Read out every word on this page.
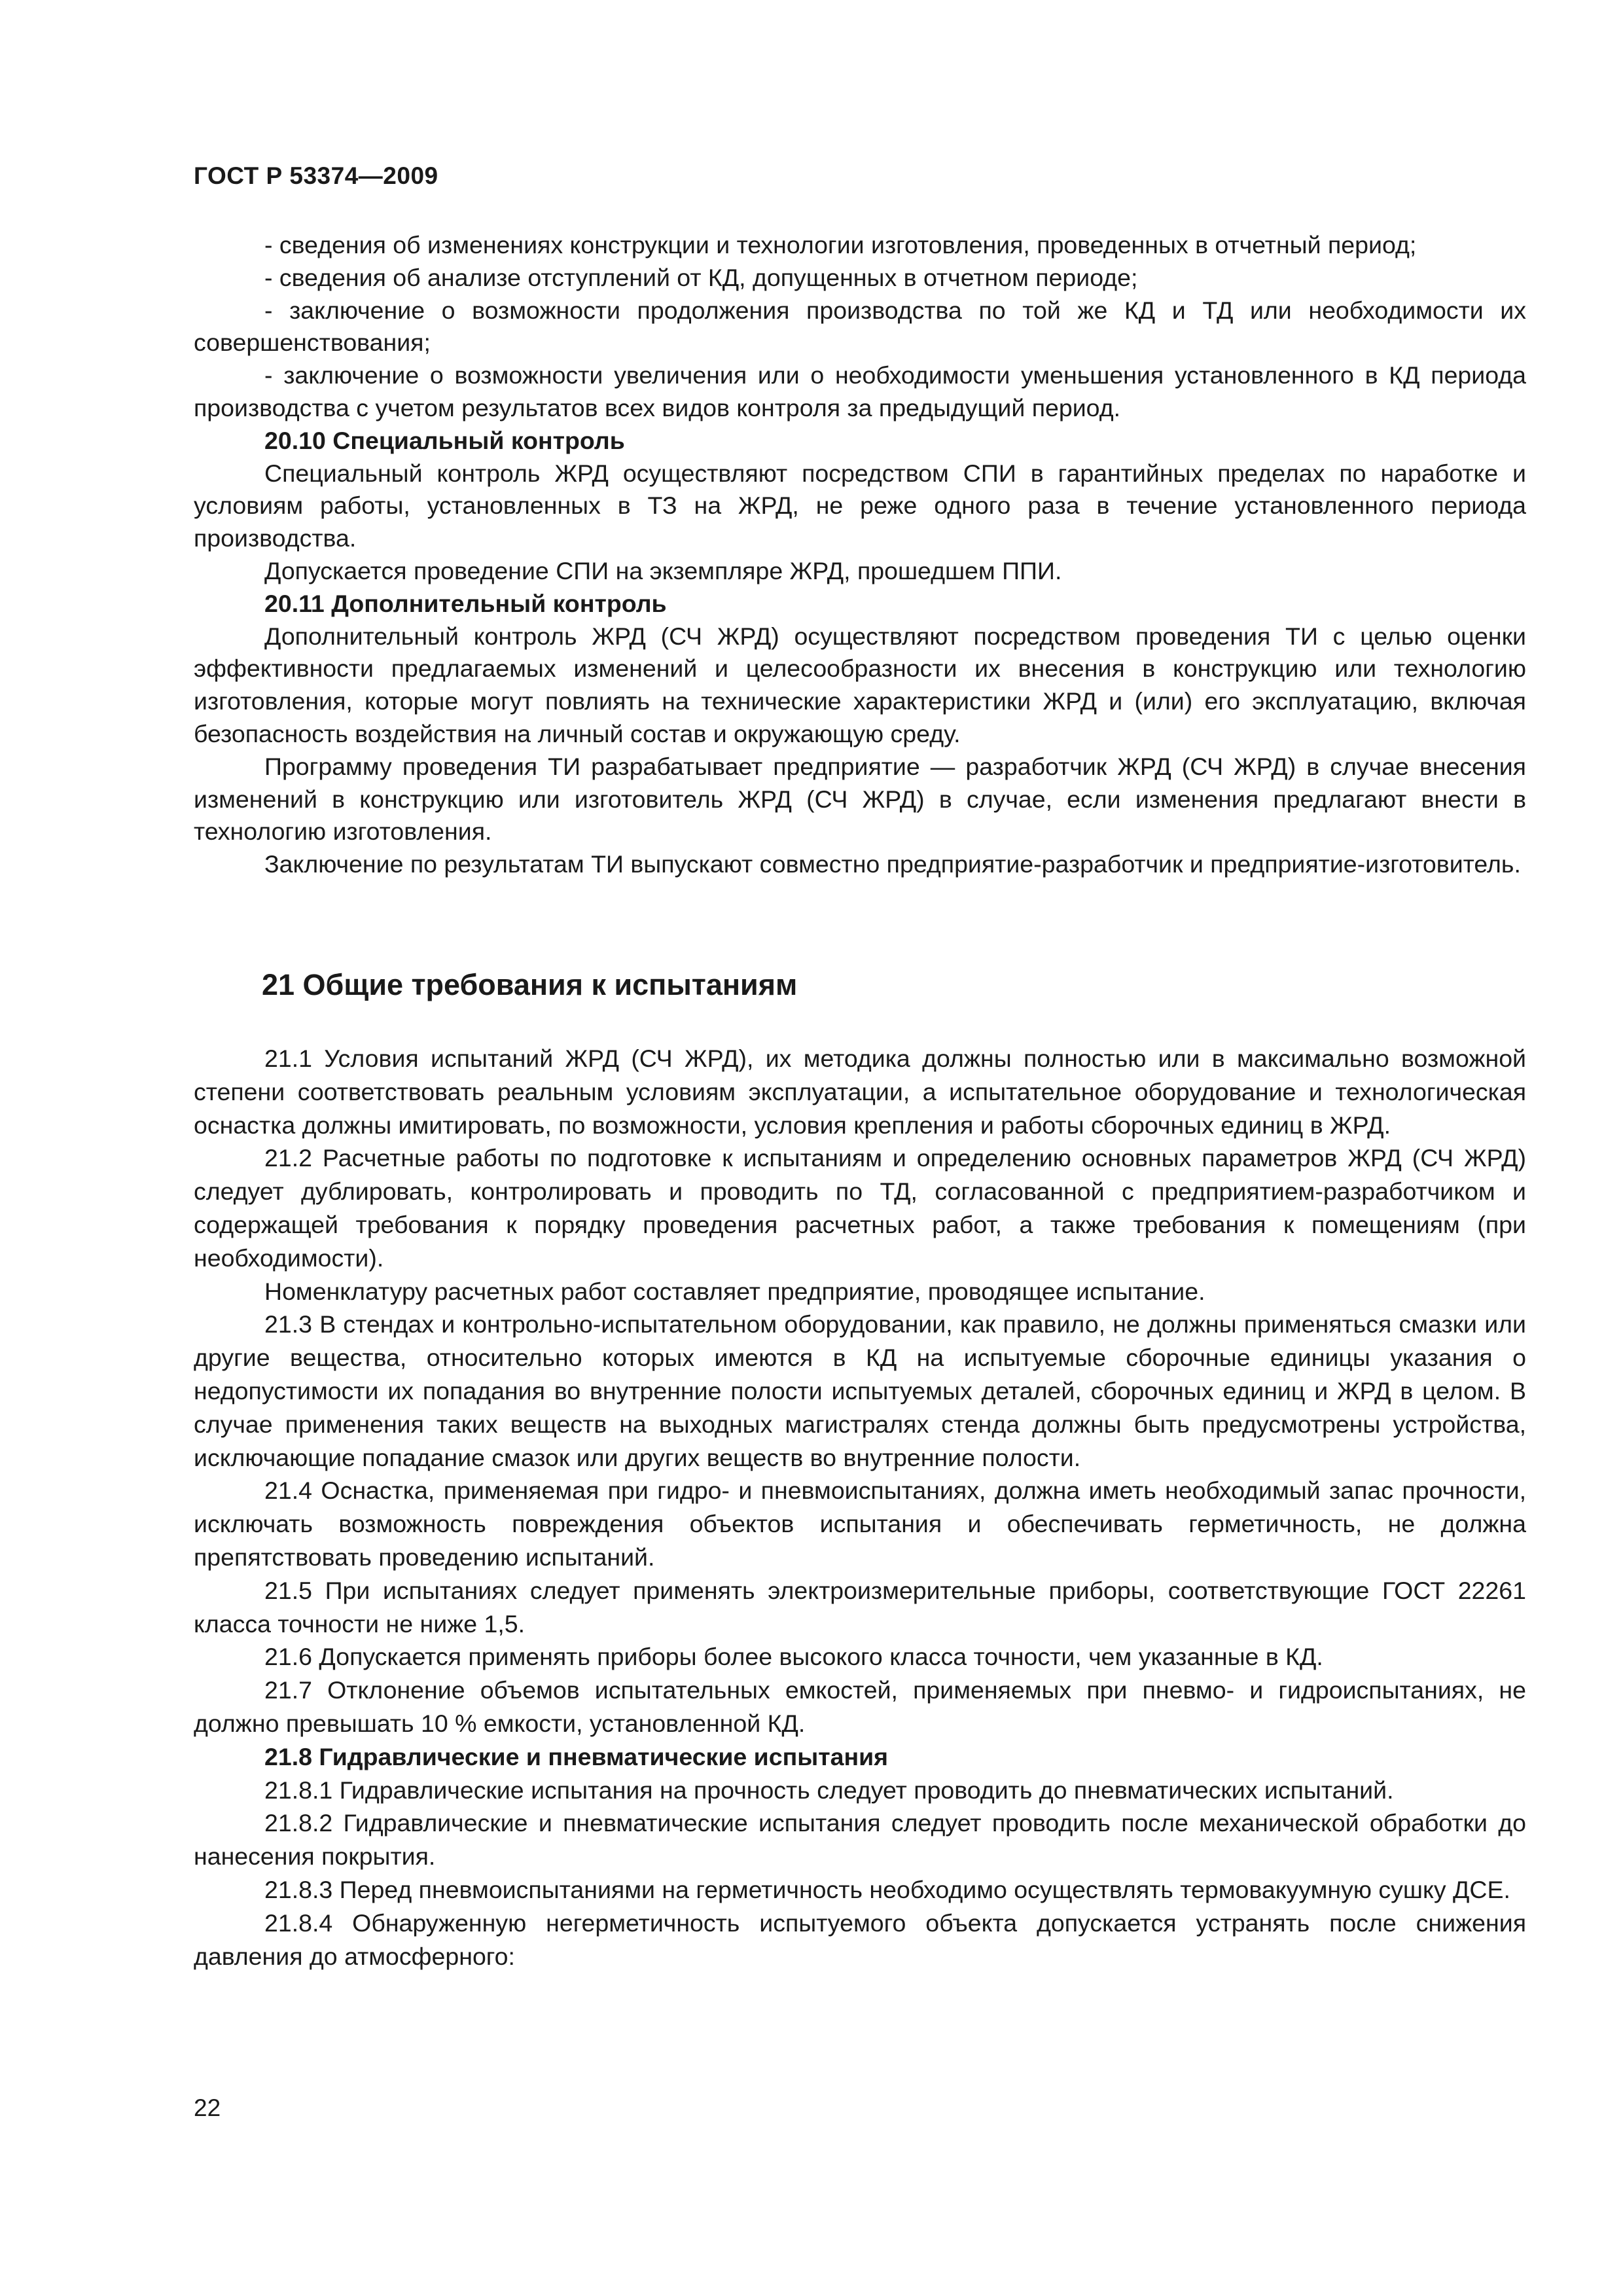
ГОСТ Р 53374—2009

- сведения об изменениях конструкции и технологии изготовления, проведенных в отчетный период;

- сведения об анализе отступлений от КД, допущенных в отчетном периоде;

- заключение о возможности продолжения производства по той же КД и ТД или необходимости их совершенствования;

- заключение о возможности увеличения или о необходимости уменьшения установленного в КД периода производства с учетом результатов всех видов контроля за предыдущий период.

20.10 Специальный контроль

Специальный контроль ЖРД осуществляют посредством СПИ в гарантийных пределах по наработке и условиям работы, установленных в ТЗ на ЖРД, не реже одного раза в течение установленного периода производства.

Допускается проведение СПИ на экземпляре ЖРД, прошедшем ППИ.

20.11 Дополнительный контроль

Дополнительный контроль ЖРД (СЧ ЖРД) осуществляют посредством проведения ТИ с целью оценки эффективности предлагаемых изменений и целесообразности их внесения в конструкцию или технологию изготовления, которые могут повлиять на технические характеристики ЖРД и (или) его эксплуатацию, включая безопасность воздействия на личный состав и окружающую среду.

Программу проведения ТИ разрабатывает предприятие — разработчик ЖРД (СЧ ЖРД) в случае внесения изменений в конструкцию или изготовитель ЖРД (СЧ ЖРД) в случае, если изменения предлагают внести в технологию изготовления.

Заключение по результатам ТИ выпускают совместно предприятие-разработчик и предприятие-изготовитель.

21 Общие требования к испытаниям

21.1 Условия испытаний ЖРД (СЧ ЖРД), их методика должны полностью или в максимально возможной степени соответствовать реальным условиям эксплуатации, а испытательное оборудование и технологическая оснастка должны имитировать, по возможности, условия крепления и работы сборочных единиц в ЖРД.

21.2 Расчетные работы по подготовке к испытаниям и определению основных параметров ЖРД (СЧ ЖРД) следует дублировать, контролировать и проводить по ТД, согласованной с предприятием-разработчиком и содержащей требования к порядку проведения расчетных работ, а также требования к помещениям (при необходимости).

Номенклатуру расчетных работ составляет предприятие, проводящее испытание.

21.3 В стендах и контрольно-испытательном оборудовании, как правило, не должны применяться смазки или другие вещества, относительно которых имеются в КД на испытуемые сборочные единицы указания о недопустимости их попадания во внутренние полости испытуемых деталей, сборочных единиц и ЖРД в целом. В случае применения таких веществ на выходных магистралях стенда должны быть предусмотрены устройства, исключающие попадание смазок или других веществ во внутренние полости.

21.4 Оснастка, применяемая при гидро- и пневмоиспытаниях, должна иметь необходимый запас прочности, исключать возможность повреждения объектов испытания и обеспечивать герметичность, не должна препятствовать проведению испытаний.

21.5 При испытаниях следует применять электроизмерительные приборы, соответствующие ГОСТ 22261 класса точности не ниже 1,5.

21.6 Допускается применять приборы более высокого класса точности, чем указанные в КД.

21.7 Отклонение объемов испытательных емкостей, применяемых при пневмо- и гидроиспытаниях, не должно превышать 10 % емкости, установленной КД.

21.8 Гидравлические и пневматические испытания

21.8.1 Гидравлические испытания на прочность следует проводить до пневматических испытаний.

21.8.2 Гидравлические и пневматические испытания следует проводить после механической обработки до нанесения покрытия.

21.8.3 Перед пневмоиспытаниями на герметичность необходимо осуществлять термовакуумную сушку ДСЕ.

21.8.4 Обнаруженную негерметичность испытуемого объекта допускается устранять после снижения давления до атмосферного:

22
